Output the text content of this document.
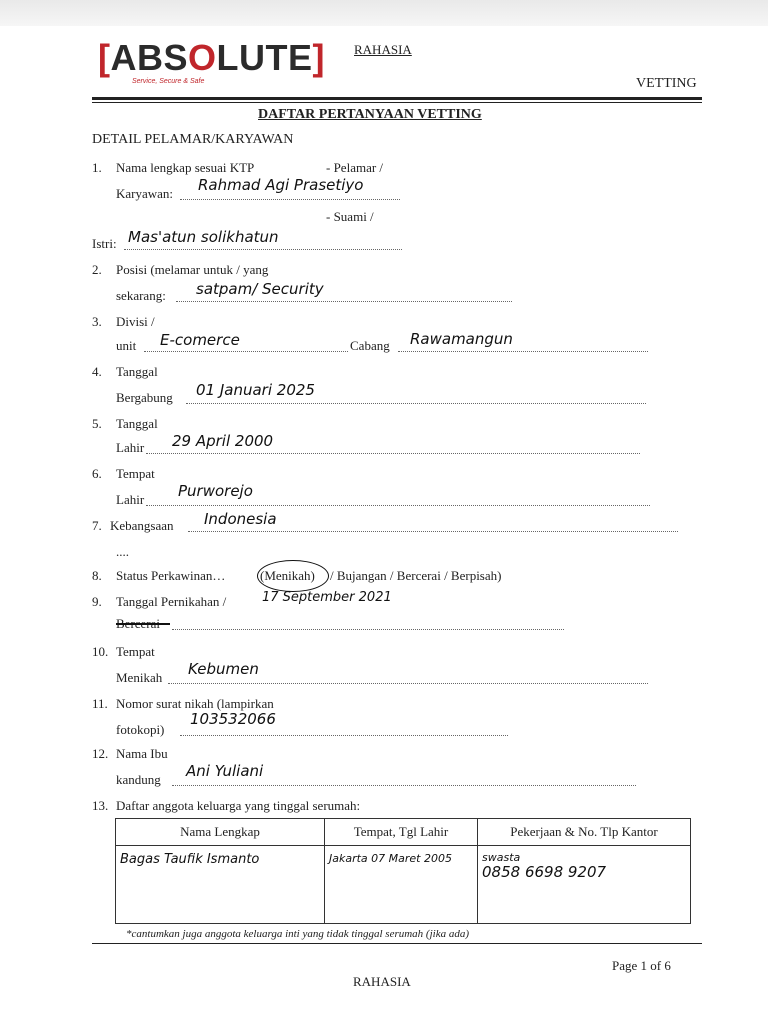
[ABSOLUTE]
Service, Secure & Safe
RAHASIA
VETTING
DAFTAR PERTANYAAN VETTING
DETAIL PELAMAR/KARYAWAN
1. Nama lengkap sesuai KTP	- Pelamar /
Karyawan: Rahmad Agi Prasetiyo
- Suami /
Istri: Mas'atun solikhatun
2. Posisi (melamar untuk / yang
sekarang: satpam/ Security
3. Divisi /
unit E-comerce	Cabang Rawamangun
4. Tanggal
Bergabung 01 Januari 2025
5. Tanggal
Lahir 29 April 2000
6. Tempat
Lahir Purworejo
7. Kebangsaan Indonesia
....
8. Status Perkawinan…	(Menikah) / Bujangan / Bercerai / Berpisah)
9. Tanggal Pernikahan /	17 September 2021
Bercerai
10. Tempat
Menikah Kebumen
11. Nomor surat nikah (lampirkan
fotokopi)
103532066
12. Nama Ibu
kandung Ani Yuliani
13. Daftar anggota keluarga yang tinggal serumah:
Nama Lengkap	Tempat, Tgl Lahir	Pekerjaan & No. Tlp Kantor
Bagas Taufik Ismanto	Jakarta 07 Maret 2005	swasta
0858 6698 9207
*cantumkan juga anggota keluarga inti yang tidak tinggal serumah (jika ada)
Page 1 of 6
RAHASIA
